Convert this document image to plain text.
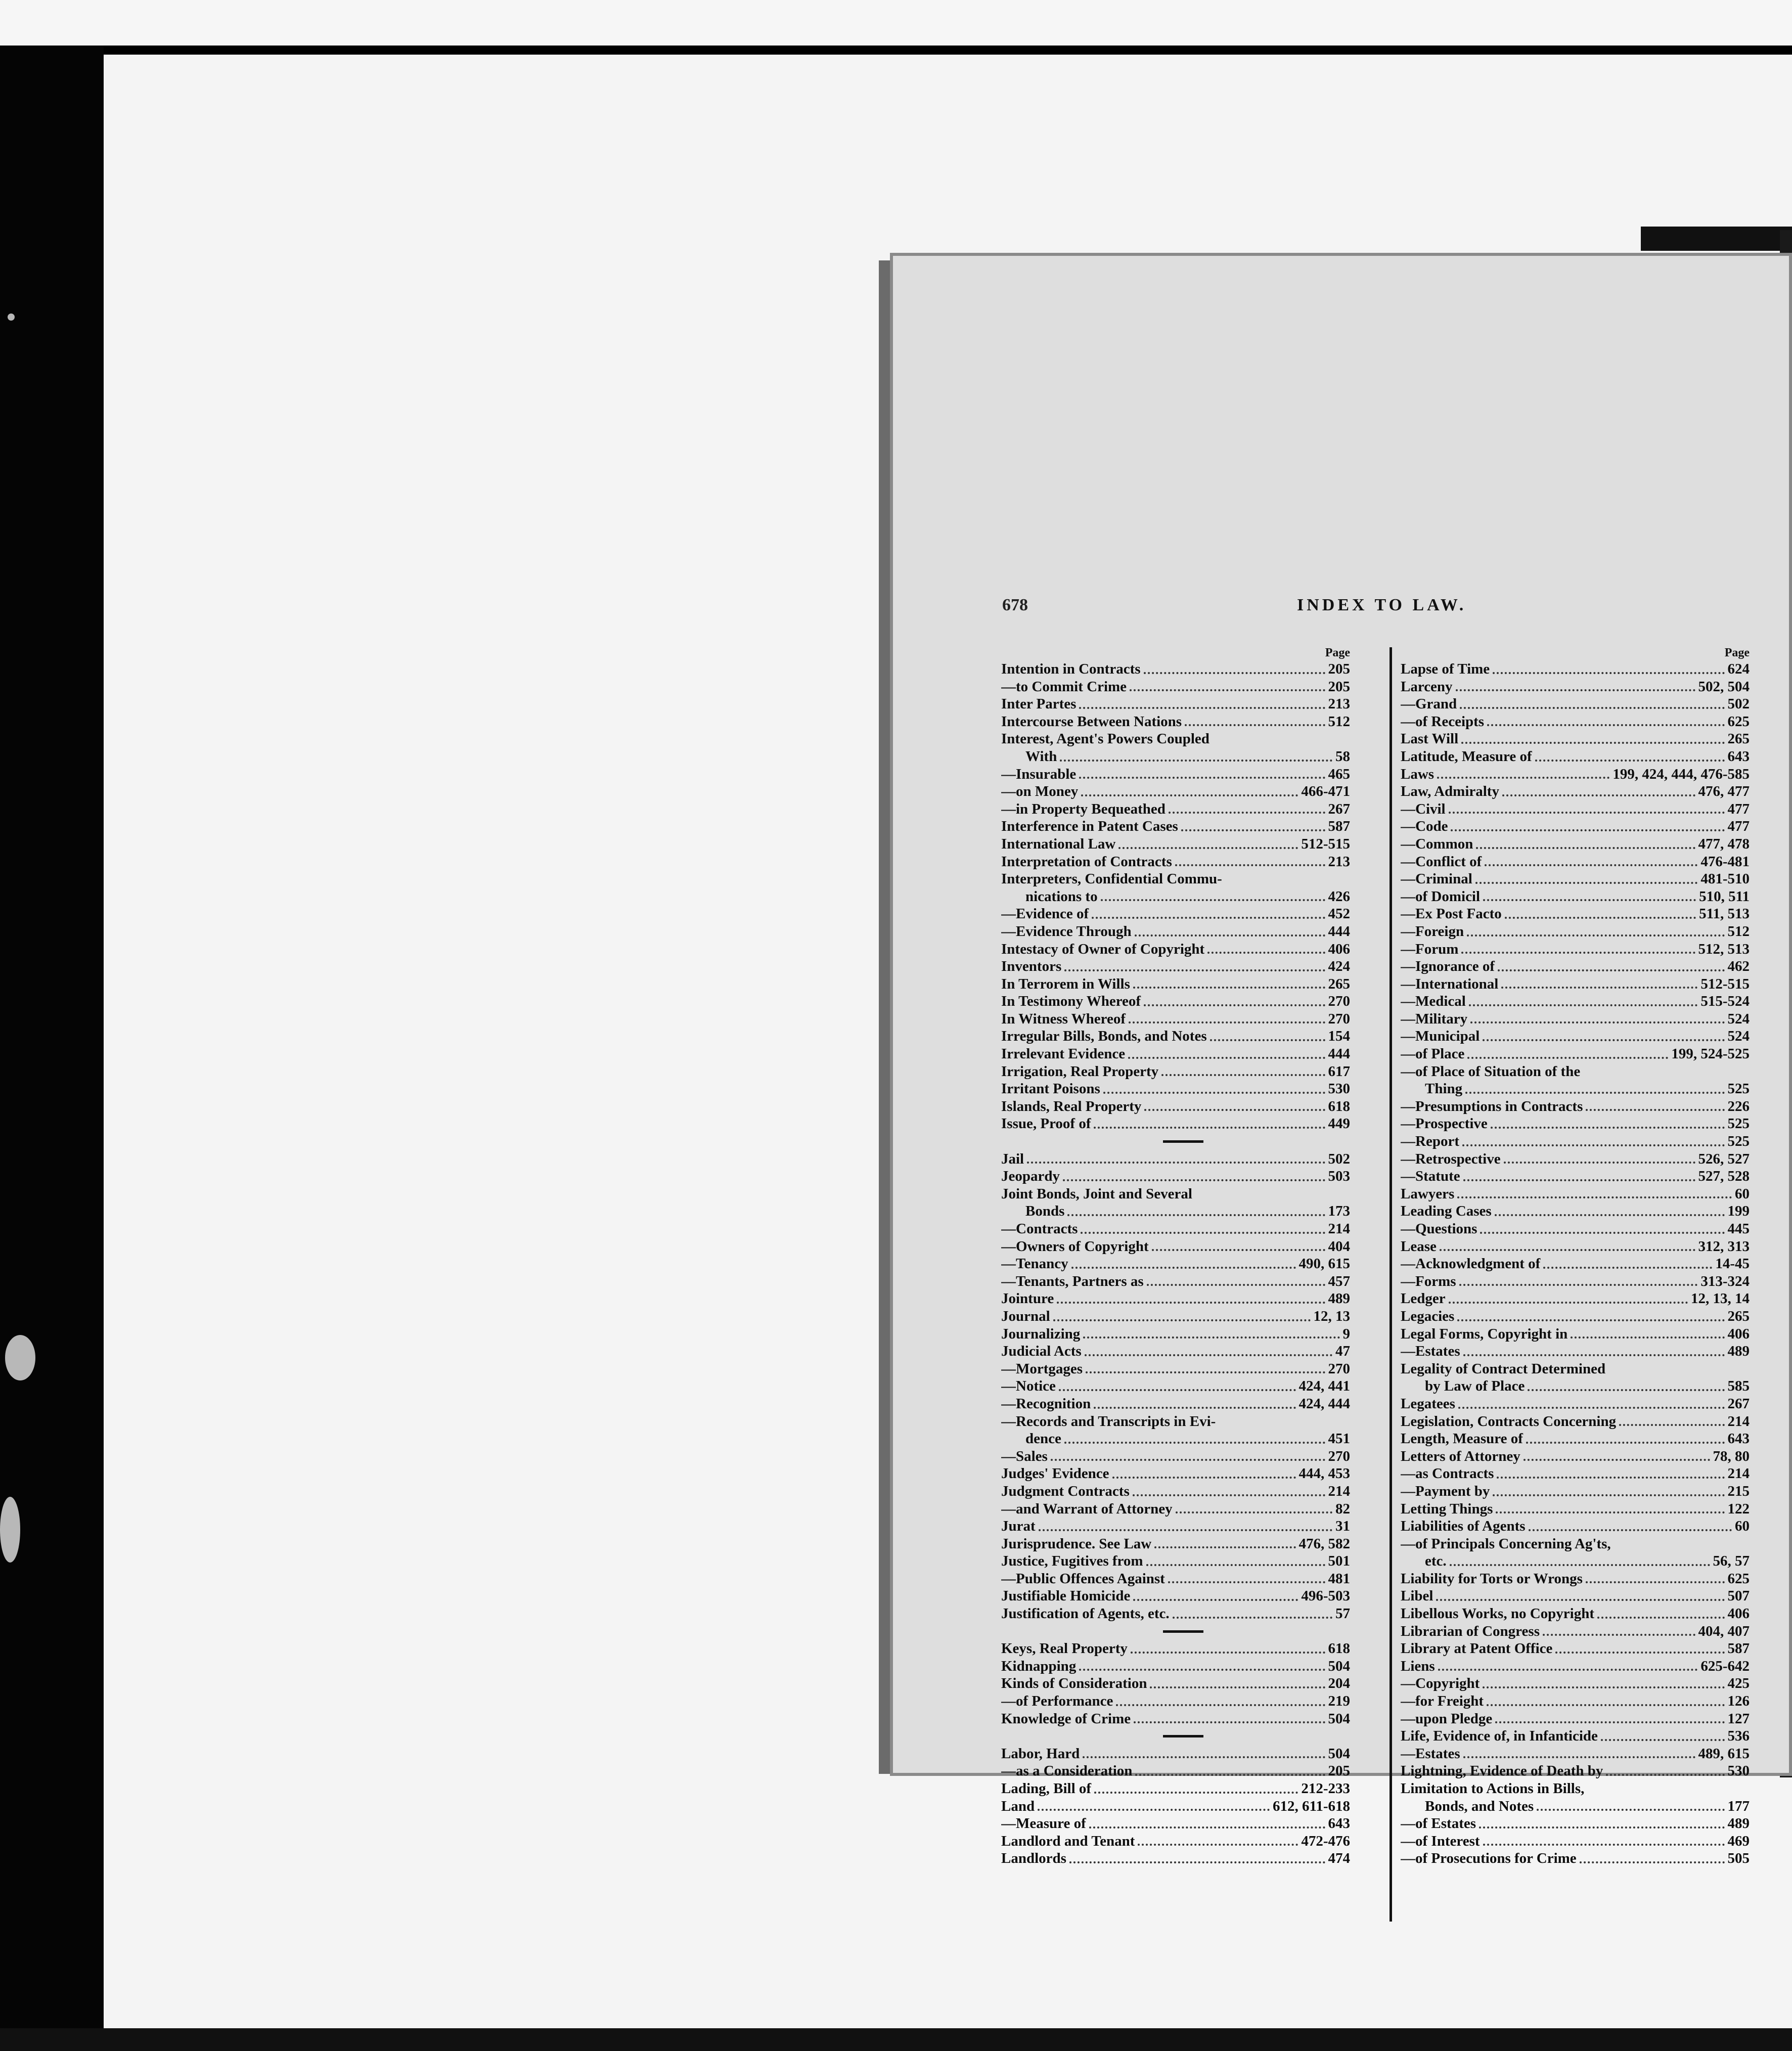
678	INDEX TO LAW.
Page
Intention in Contracts	205
—to Commit Crime	205
Inter Partes	213
Intercourse Between Nations	512
Interest, Agent's Powers Coupled
With	58
—Insurable	465
—on Money	466-471
—in Property Bequeathed	267
Interference in Patent Cases	587
International Law	512-515
Interpretation of Contracts	213
Interpreters, Confidential Commu-
nications to	426
—Evidence of	452
—Evidence Through	444
Intestacy of Owner of Copyright	406
Inventors	424
In Terrorem in Wills	265
In Testimony Whereof	270
In Witness Whereof	270
Irregular Bills, Bonds, and Notes	154
Irrelevant Evidence	444
Irrigation, Real Property	617
Irritant Poisons	530
Islands, Real Property	618
Issue, Proof of	449
Jail	502
Jeopardy	503
Joint Bonds, Joint and Several
Bonds	173
—Contracts	214
—Owners of Copyright	404
—Tenancy	490, 615
—Tenants, Partners as	457
Jointure	489
Journal	12, 13
Journalizing	9
Judicial Acts	47
—Mortgages	270
—Notice	424, 441
—Recognition	424, 444
—Records and Transcripts in Evi-
dence	451
—Sales	270
Judges' Evidence	444, 453
Judgment Contracts	214
—and Warrant of Attorney	82
Jurat	31
Jurisprudence. See Law	476, 582
Justice, Fugitives from	501
—Public Offences Against	481
Justifiable Homicide	496-503
Justification of Agents, etc.	57
Keys, Real Property	618
Kidnapping	504
Kinds of Consideration	204
—of Performance	219
Knowledge of Crime	504
Labor, Hard	504
—as a Consideration	205
Lading, Bill of	212-233
Land	612, 611-618
—Measure of	643
Landlord and Tenant	472-476
Landlords	474
Page
Lapse of Time	624
Larceny	502, 504
—Grand	502
—of Receipts	625
Last Will	265
Latitude, Measure of	643
Laws	199, 424, 444, 476-585
Law, Admiralty	476, 477
—Civil	477
—Code	477
—Common	477, 478
—Conflict of	476-481
—Criminal	481-510
—of Domicil	510, 511
—Ex Post Facto	511, 513
—Foreign	512
—Forum	512, 513
—Ignorance of	462
—International	512-515
—Medical	515-524
—Military	524
—Municipal	524
—of Place	199, 524-525
—of Place of Situation of the
Thing	525
—Presumptions in Contracts	226
—Prospective	525
—Report	525
—Retrospective	526, 527
—Statute	527, 528
Lawyers	60
Leading Cases	199
—Questions	445
Lease	312, 313
—Acknowledgment of	14-45
—Forms	313-324
Ledger	12, 13, 14
Legacies	265
Legal Forms, Copyright in	406
—Estates	489
Legality of Contract Determined
by Law of Place	585
Legatees	267
Legislation, Contracts Concerning	214
Length, Measure of	643
Letters of Attorney	78, 80
—as Contracts	214
—Payment by	215
Letting Things	122
Liabilities of Agents	60
—of Principals Concerning Ag'ts,
etc.	56, 57
Liability for Torts or Wrongs	625
Libel	507
Libellous Works, no Copyright	406
Librarian of Congress	404, 407
Library at Patent Office	587
Liens	625-642
—Copyright	425
—for Freight	126
—upon Pledge	127
Life, Evidence of, in Infanticide	536
—Estates	489, 615
Lightning, Evidence of Death by	530
Limitation to Actions in Bills,
Bonds, and Notes	177
—of Estates	489
—of Interest	469
—of Prosecutions for Crime	505
